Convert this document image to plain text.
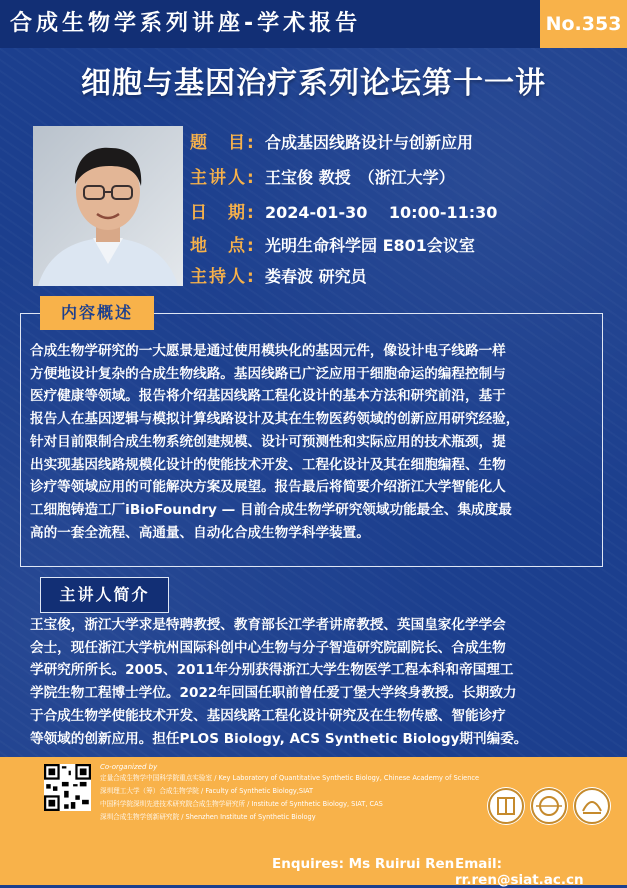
合成生物学系列讲座-学术报告	No.353
细胞与基因治疗系列论坛第十一讲
题　目: 合成基因线路设计与创新应用
主讲人: 王宝俊 教授　（浙江大学）
日　期: 2024-01-30　 10:00-11:30
地　点: 光明生命科学园 E801会议室
主持人: 娄春波 研究员
内容概述
合成生物学研究的一大愿景是通过使用模块化的基因元件，像设计电子线路一样
方便地设计复杂的合成生物线路。基因线路已广泛应用于细胞命运的编程控制与
医疗健康等领域。报告将介绍基因线路工程化设计的基本方法和研究前沿，基于
报告人在基因逻辑与模拟计算线路设计及其在生物医药领域的创新应用研究经验，
针对目前限制合成生物系统创建规模、设计可预测性和实际应用的技术瓶颈，提
出实现基因线路规模化设计的使能技术开发、工程化设计及其在细胞编程、生物
诊疗等领域应用的可能解决方案及展望。报告最后将简要介绍浙江大学智能化人
工细胞铸造工厂iBioFoundry — 目前合成生物学研究领域功能最全、集成度最
高的一套全流程、高通量、自动化合成生物学科学装置。
主讲人简介
王宝俊，浙江大学求是特聘教授、教育部长江学者讲席教授、英国皇家化学学会
会士，现任浙江大学杭州国际科创中心生物与分子智造研究院副院长、合成生物
学研究所所长。2005、2011年分别获得浙江大学生物医学工程本科和帝国理工
学院生物工程博士学位。2022年回国任职前曾任爱丁堡大学终身教授。长期致力
于合成生物学使能技术开发、基因线路工程化设计研究及在生物传感、智能诊疗
等领域的创新应用。担任PLOS Biology, ACS Synthetic Biology期刊编委。
Co-organized by
定量合成生物学中国科学院重点实验室 / Key Laboratory of Quantitative Synthetic Biology, Chinese Academy of Science
深圳理工大学（筹）合成生物学院 / Faculty of Synthetic Biology,SIAT
中国科学院深圳先进技术研究院合成生物学研究所 / Institute of Synthetic Biology, SIAT, CAS
深圳合成生物学创新研究院 / Shenzhen Institute of Synthetic Biology
Enquires: Ms Ruirui Ren Email: rr.ren@siat.ac.cn
